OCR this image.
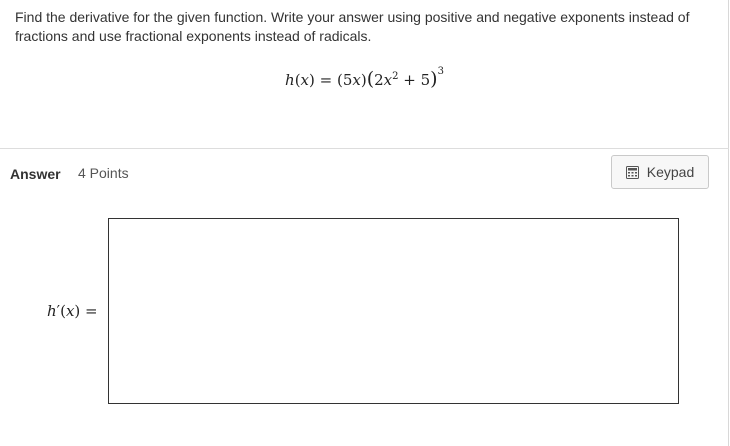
Find the derivative for the given function. Write your answer using positive and negative exponents instead of fractions and use fractional exponents instead of radicals.
$h(x) = (5x)(2x^2 + 5)^3$
Answer 4 Points	Keypad
h′(x) =
